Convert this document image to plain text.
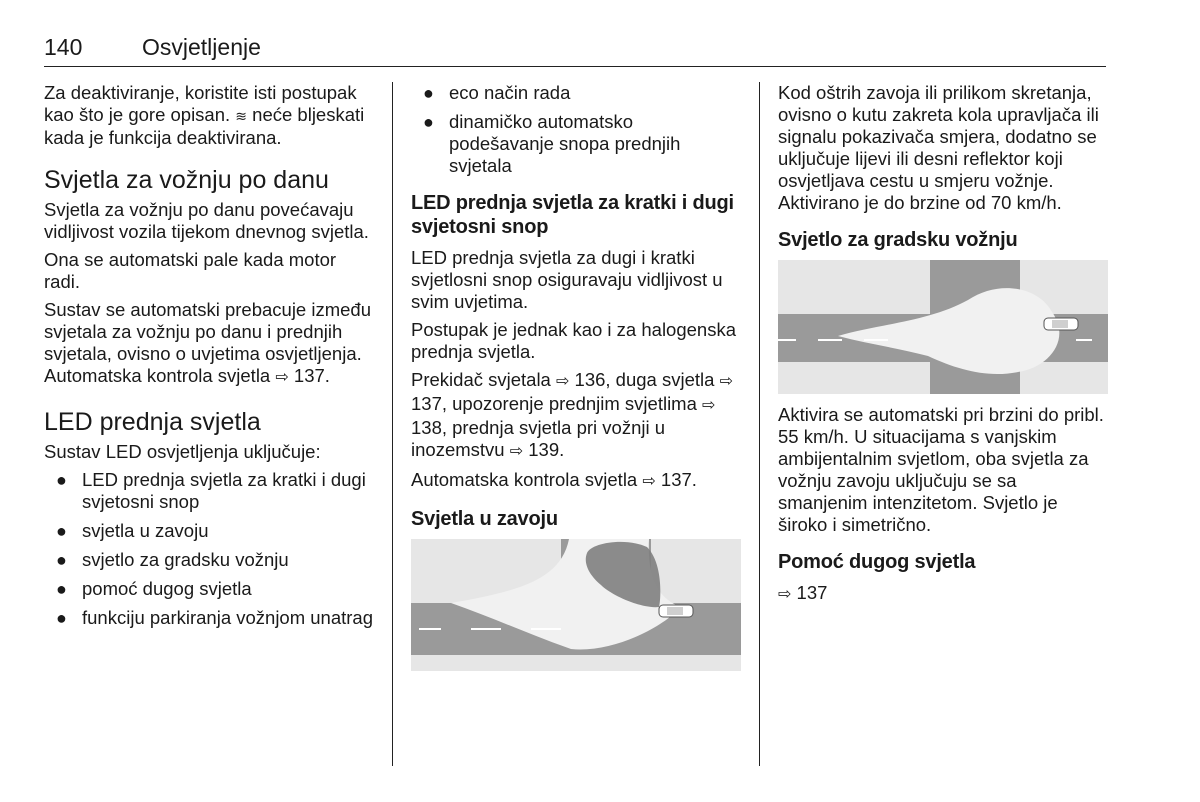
140	Osvjetljenje

Za deaktiviranje, koristite isti postupak kao što je gore opisan. ≋ neće bljeskati kada je funkcija deaktivirana.

Svjetla za vožnju po danu

Svjetla za vožnju po danu povećavaju vidljivost vozila tijekom dnevnog svjetla.

Ona se automatski pale kada motor radi.

Sustav se automatski prebacuje između svjetala za vožnju po danu i prednjih svjetala, ovisno o uvjetima osvjetljenja. Automatska kontrola svjetla ⇨ 137.

LED prednja svjetla

Sustav LED osvjetljenja uključuje:

● LED prednja svjetla za kratki i dugi svjetosni snop
● svjetla u zavoju
● svjetlo za gradsku vožnju
● pomoć dugog svjetla
● funkciju parkiranja vožnjom unatrag
● eco način rada
● dinamičko automatsko podešavanje snopa prednjih svjetala
LED prednja svjetla za kratki i dugi svjetosni snop

LED prednja svjetla za dugi i kratki svjetlosni snop osiguravaju vidljivost u svim uvjetima.

Postupak je jednak kao i za halogenska prednja svjetla.

Prekidač svjetala ⇨ 136, duga svjetla ⇨ 137, upozorenje prednjim svjetlima ⇨ 138, prednja svjetla pri vožnji u inozemstvu ⇨ 139.

Automatska kontrola svjetla ⇨ 137.

Svjetla u zavoju

Kod oštrih zavoja ili prilikom skretanja, ovisno o kutu zakreta kola upravljača ili signalu pokazivača smjera, dodatno se uključuje lijevi ili desni reflektor koji osvjetljava cestu u smjeru vožnje. Aktivirano je do brzine od 70 km/h.

Svjetlo za gradsku vožnju

Aktivira se automatski pri brzini do pribl. 55 km/h. U situacijama s vanjskim ambijentalnim svjetlom, oba svjetla za vožnju zavoju uključuju se sa smanjenim intenzitetom. Svjetlo je široko i simetrično.

Pomoć dugog svjetla

⇨ 137
